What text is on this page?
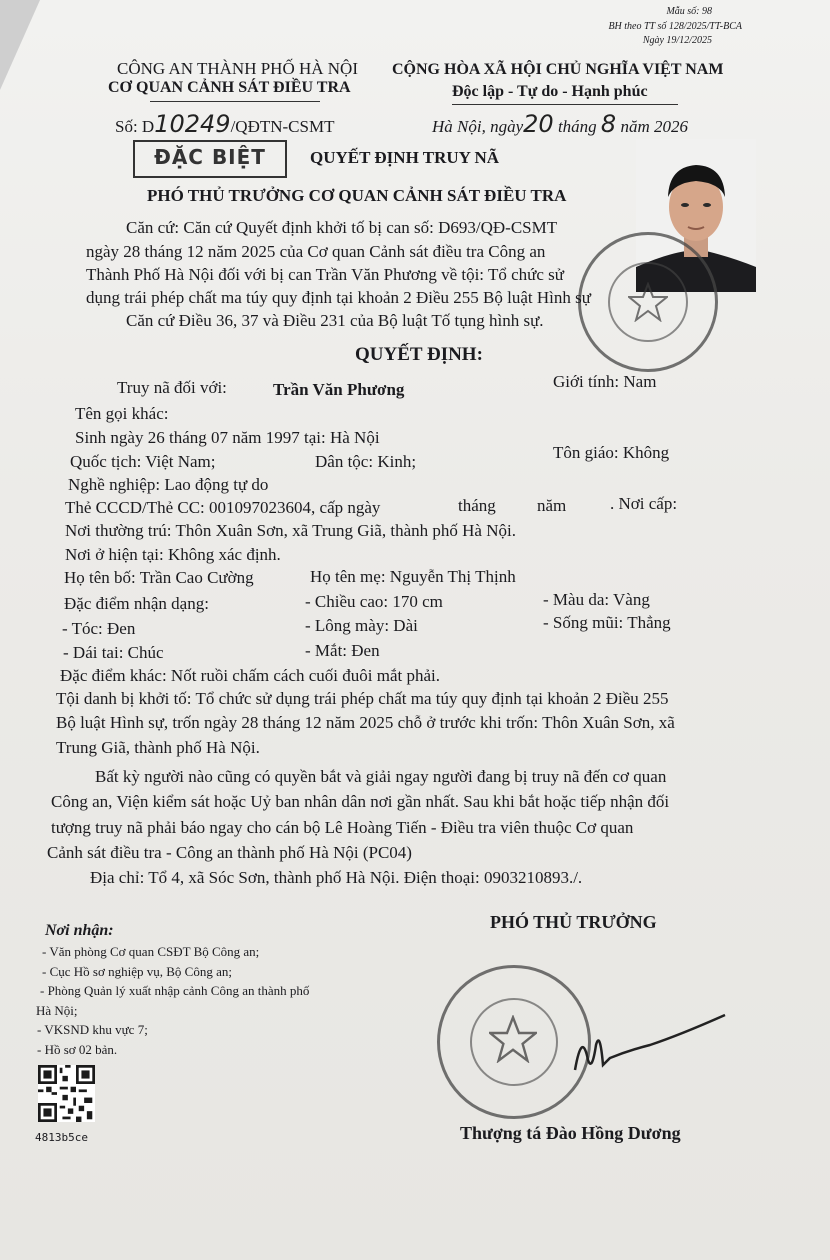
Mẫu số: 98
BH theo TT số 128/2025/TT-BCA
Ngày 19/12/2025
CÔNG AN THÀNH PHỐ HÀ NỘI
CƠ QUAN CẢNH SÁT ĐIỀU TRA
Số: D10249/QĐTN-CSMT
CỘNG HÒA XÃ HỘI CHỦ NGHĨA VIỆT NAM
Độc lập - Tự do - Hạnh phúc
Hà Nội, ngày20 tháng 8 năm 2026
ĐẶC BIỆT	QUYẾT ĐỊNH TRUY NÃ
PHÓ THỦ TRƯỞNG CƠ QUAN CẢNH SÁT ĐIỀU TRA
Căn cứ: Căn cứ Quyết định khởi tố bị can số: D693/QĐ-CSMT
ngày 28 tháng 12 năm 2025 của Cơ quan Cảnh sát điều tra Công an
Thành Phố Hà Nội đối với bị can Trần Văn Phương về tội: Tổ chức sử
dụng trái phép chất ma túy quy định tại khoản 2 Điều 255 Bộ luật Hình sự
Căn cứ Điều 36, 37 và Điều 231 của Bộ luật Tố tụng hình sự.
QUYẾT ĐỊNH:
Truy nã đối với:	Trần Văn Phương	Giới tính: Nam
Tên gọi khác:
Sinh ngày 26 tháng 07 năm 1997 tại: Hà Nội
Quốc tịch: Việt Nam;	Dân tộc: Kinh;	Tôn giáo: Không
Nghề nghiệp: Lao động tự do
Thẻ CCCD/Thẻ CC: 001097023604, cấp ngày	tháng năm	. Nơi cấp:
Nơi thường trú: Thôn Xuân Sơn, xã Trung Giã, thành phố Hà Nội.
Nơi ở hiện tại: Không xác định.
Họ tên bố: Trần Cao Cường	Họ tên mẹ: Nguyễn Thị Thịnh
Đặc điểm nhận dạng:	- Chiều cao: 170 cm	- Màu da: Vàng
- Tóc: Đen	- Lông mày: Dài	- Sống mũi: Thẳng
- Dái tai: Chúc	- Mắt: Đen
Đặc điểm khác: Nốt ruồi chấm cách cuối đuôi mắt phải.
Tội danh bị khởi tố: Tổ chức sử dụng trái phép chất ma túy quy định tại khoản 2 Điều 255
Bộ luật Hình sự, trốn ngày 28 tháng 12 năm 2025 chỗ ở trước khi trốn: Thôn Xuân Sơn, xã
Trung Giã, thành phố Hà Nội.
Bất kỳ người nào cũng có quyền bắt và giải ngay người đang bị truy nã đến cơ quan
Công an, Viện kiểm sát hoặc Uỷ ban nhân dân nơi gần nhất. Sau khi bắt hoặc tiếp nhận đối
tượng truy nã phải báo ngay cho cán bộ Lê Hoàng Tiến - Điều tra viên thuộc Cơ quan
Cảnh sát điều tra - Công an thành phố Hà Nội (PC04)
Địa chỉ: Tổ 4, xã Sóc Sơn, thành phố Hà Nội. Điện thoại: 0903210893./.
Nơi nhận:
- Văn phòng Cơ quan CSĐT Bộ Công an;
- Cục Hồ sơ nghiệp vụ, Bộ Công an;
- Phòng Quản lý xuất nhập cảnh Công an thành phố
Hà Nội;
- VKSND khu vực 7;
- Hồ sơ 02 bản.
4813b5ce
PHÓ THỦ TRƯỞNG
Thượng tá Đào Hồng Dương
